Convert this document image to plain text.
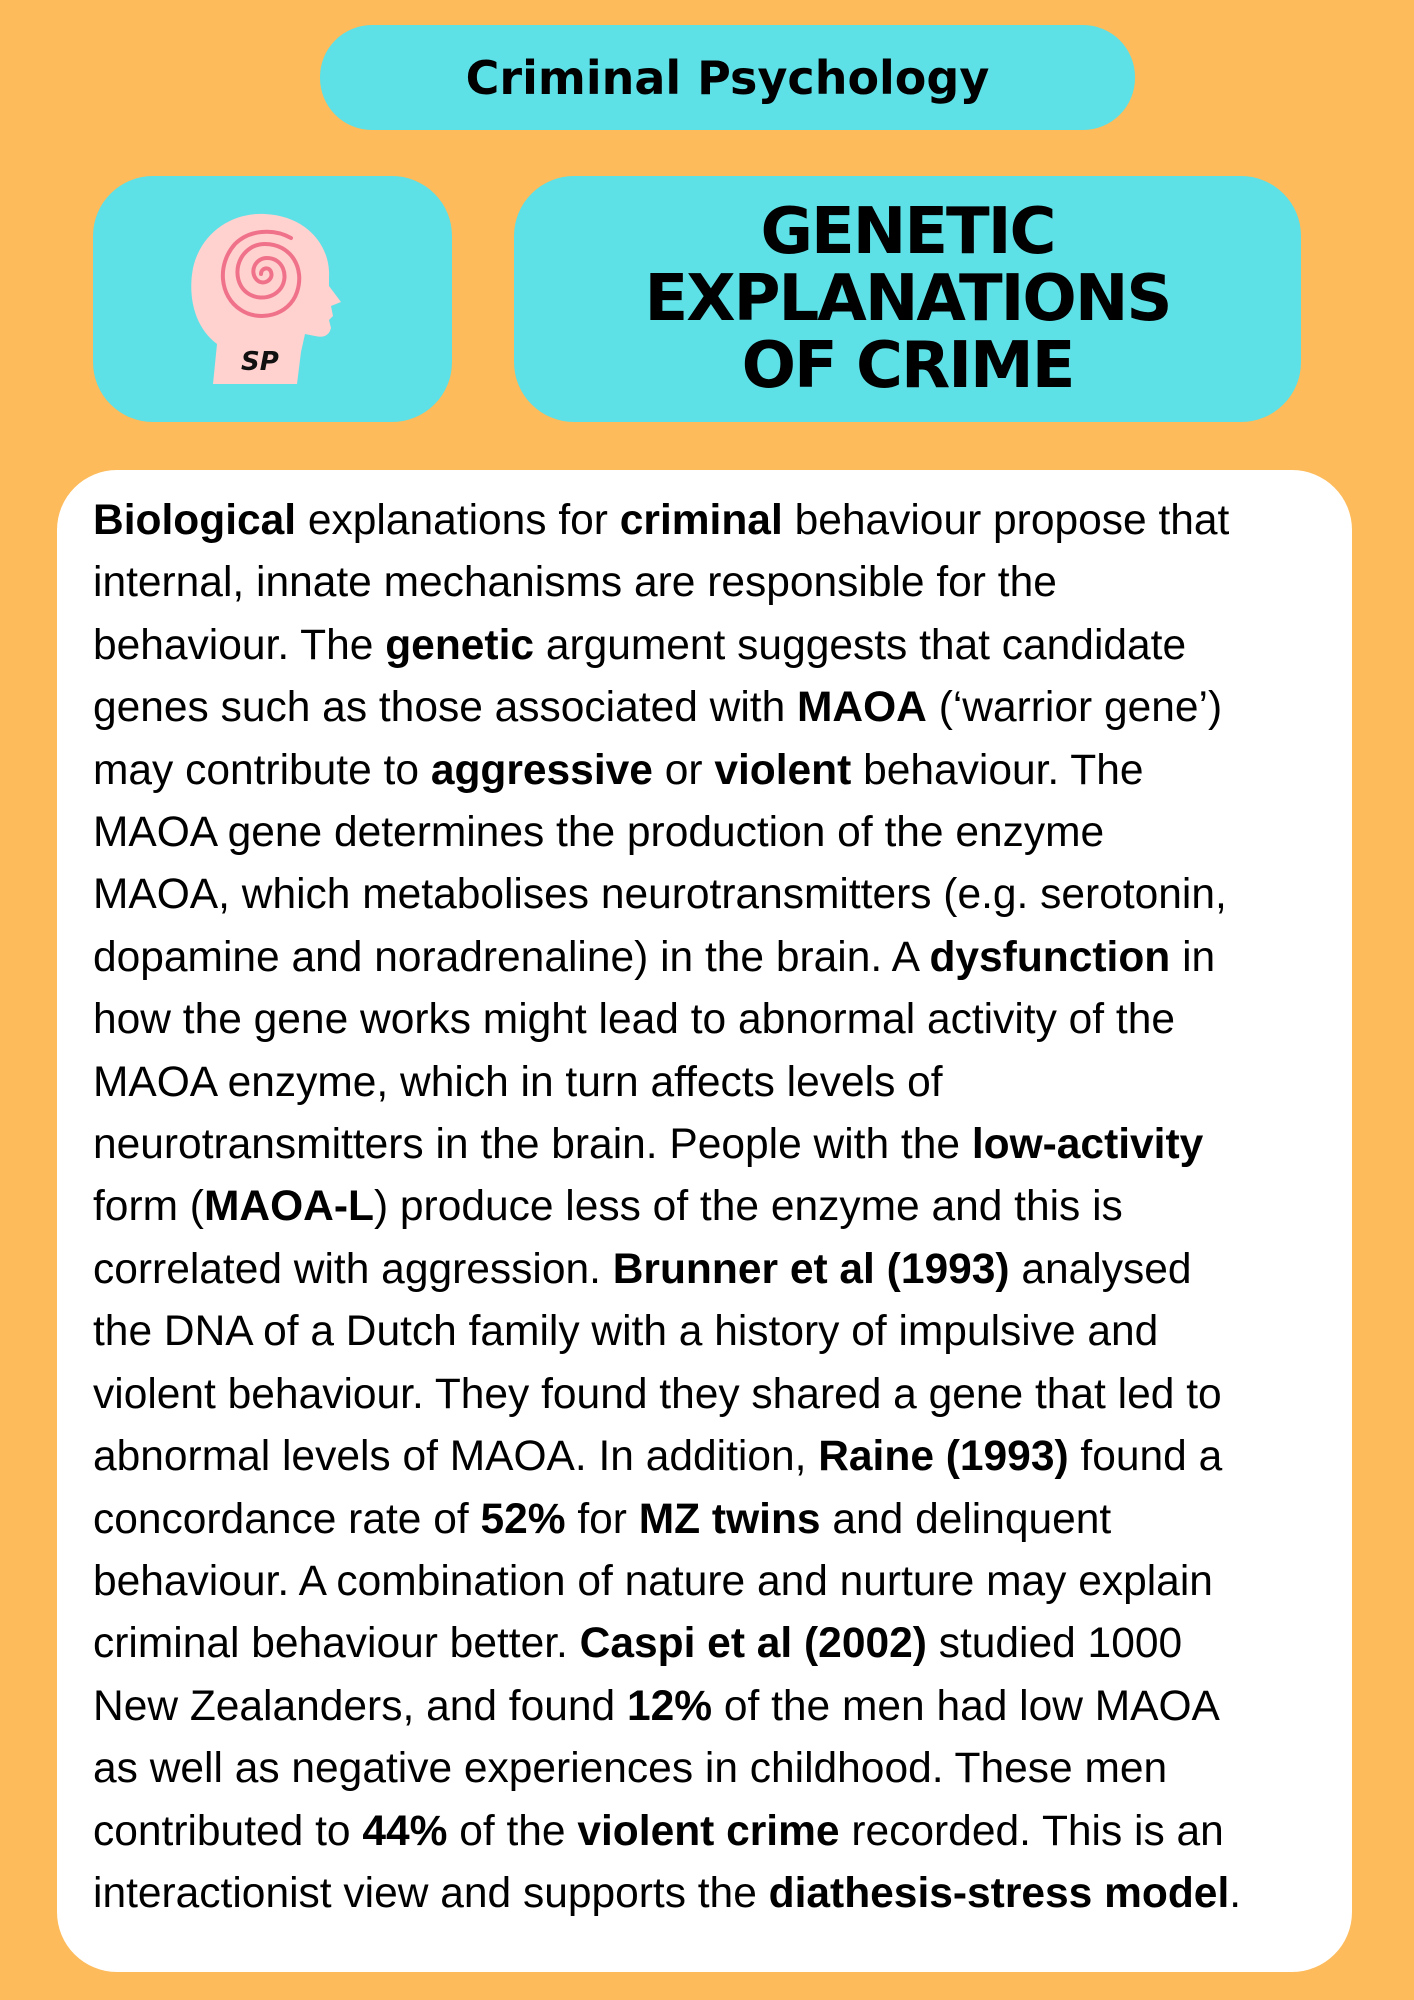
Criminal Psychology
SP
GENETIC
EXPLANATIONS
OF CRIME

Biological explanations for criminal behaviour propose that
internal, innate mechanisms are responsible for the
behaviour. The genetic argument suggests that candidate
genes such as those associated with MAOA (‘warrior gene’)
may contribute to aggressive or violent behaviour. The
MAOA gene determines the production of the enzyme
MAOA, which metabolises neurotransmitters (e.g. serotonin,
dopamine and noradrenaline) in the brain. A dysfunction in
how the gene works might lead to abnormal activity of the
MAOA enzyme, which in turn affects levels of
neurotransmitters in the brain. People with the low-activity
form (MAOA-L) produce less of the enzyme and this is
correlated with aggression. Brunner et al (1993) analysed
the DNA of a Dutch family with a history of impulsive and
violent behaviour. They found they shared a gene that led to
abnormal levels of MAOA. In addition, Raine (1993) found a
concordance rate of 52% for MZ twins and delinquent
behaviour. A combination of nature and nurture may explain
criminal behaviour better. Caspi et al (2002) studied 1000
New Zealanders, and found 12% of the men had low MAOA
as well as negative experiences in childhood. These men
contributed to 44% of the violent crime recorded. This is an
interactionist view and supports the diathesis-stress model.
